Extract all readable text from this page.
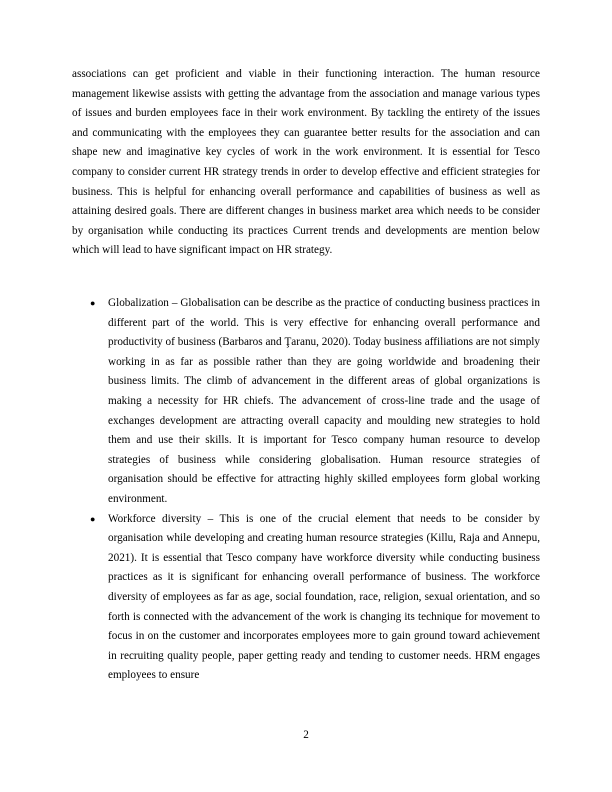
associations can get proficient and viable in their functioning interaction. The human resource management likewise assists with getting the advantage from the association and manage various types of issues and burden employees face in their work environment. By tackling the entirety of the issues and communicating with the employees they can guarantee better results for the association and can shape new and imaginative key cycles of work in the work environment. It is essential for Tesco company to consider current HR strategy trends in order to develop effective and efficient strategies for business. This is helpful for enhancing overall performance and capabilities of business as well as attaining desired goals. There are different changes in business market area which needs to be consider by organisation while conducting its practices Current trends and developments are mention below which will lead to have significant impact on HR strategy.

● Globalization – Globalisation can be describe as the practice of conducting business practices in different part of the world. This is very effective for enhancing overall performance and productivity of business (Barbaros and Ţaranu, 2020). Today business affiliations are not simply working in as far as possible rather than they are going worldwide and broadening their business limits. The climb of advancement in the different areas of global organizations is making a necessity for HR chiefs. The advancement of cross-line trade and the usage of exchanges development are attracting overall capacity and moulding new strategies to hold them and use their skills. It is important for Tesco company human resource to develop strategies of business while considering globalisation. Human resource strategies of organisation should be effective for attracting highly skilled employees form global working environment.
● Workforce diversity – This is one of the crucial element that needs to be consider by organisation while developing and creating human resource strategies (Killu, Raja and Annepu, 2021). It is essential that Tesco company have workforce diversity while conducting business practices as it is significant for enhancing overall performance of business. The workforce diversity of employees as far as age, social foundation, race, religion, sexual orientation, and so forth is connected with the advancement of the work is changing its technique for movement to focus in on the customer and incorporates employees more to gain ground toward achievement in recruiting quality people, paper getting ready and tending to customer needs. HRM engages employees to ensure
2
